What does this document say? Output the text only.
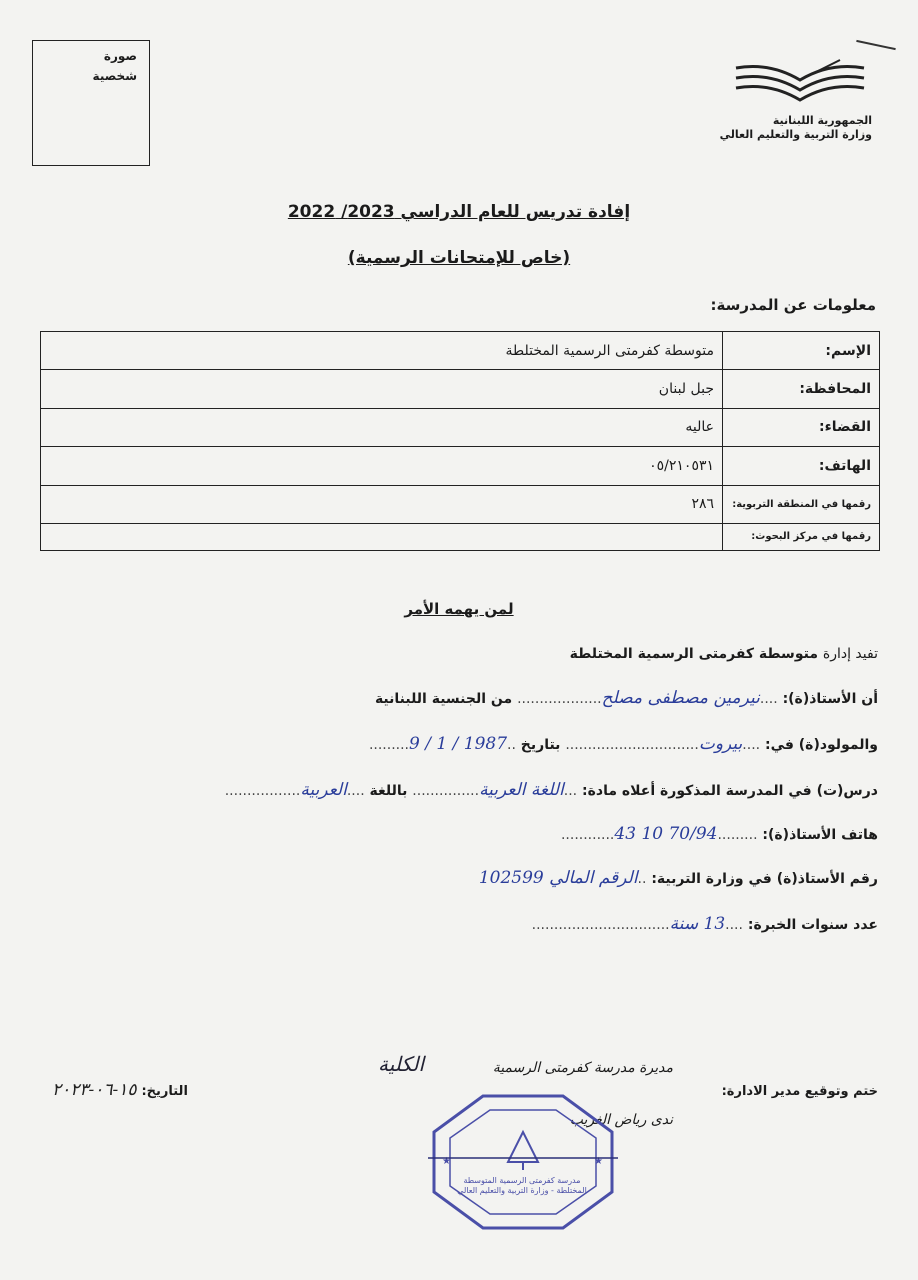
صورة
شخصية
الجمهورية اللبنانية
وزارة التربية والتعليم العالي
إفادة تدريس للعام الدراسي 2023/ 2022
(خاص للإمتحانات الرسمية)
معلومات عن المدرسة:
الإسم:	متوسطة كفرمتى الرسمية المختلطة
المحافظة:	جبل لبنان
القضاء:	عاليه
الهاتف:	٠٥/٢١٠٥٣١
رقمها في المنطقة التربوية:	٢٨٦
رقمها في مركز البحوث:	
لمن يهمه الأمر
تفيد إدارة متوسطة كفرمتى الرسمية المختلطة
أن الأستاذ(ة): ....نيرمين مصطفى مصلح................... من الجنسية اللبنانية
والمولود(ة) في: ....بيروت.............................. بتاريخ ..1987 / 1 / 9.........
درس(ت) في المدرسة المذكورة أعلاه مادة: ...اللغة العربية............... باللغة ....العربية.................
هاتف الأستاذ(ة): .........70/94 10 43............
رقم الأستاذ(ة) في وزارة التربية: ..الرقم المالي 102599
عدد سنوات الخبرة: ....13 سنة...............................
مديرة مدرسة كفرمتى الرسمية
الكلية
ندى رياض الغريب
ختم وتوقيع مدير الادارة:
التاريخ: ١٥-٠٦-٢٠٢٣
★	★
مدرسة كفرمتى الرسمية المتوسطة المختلطة - وزارة التربية والتعليم العالي
